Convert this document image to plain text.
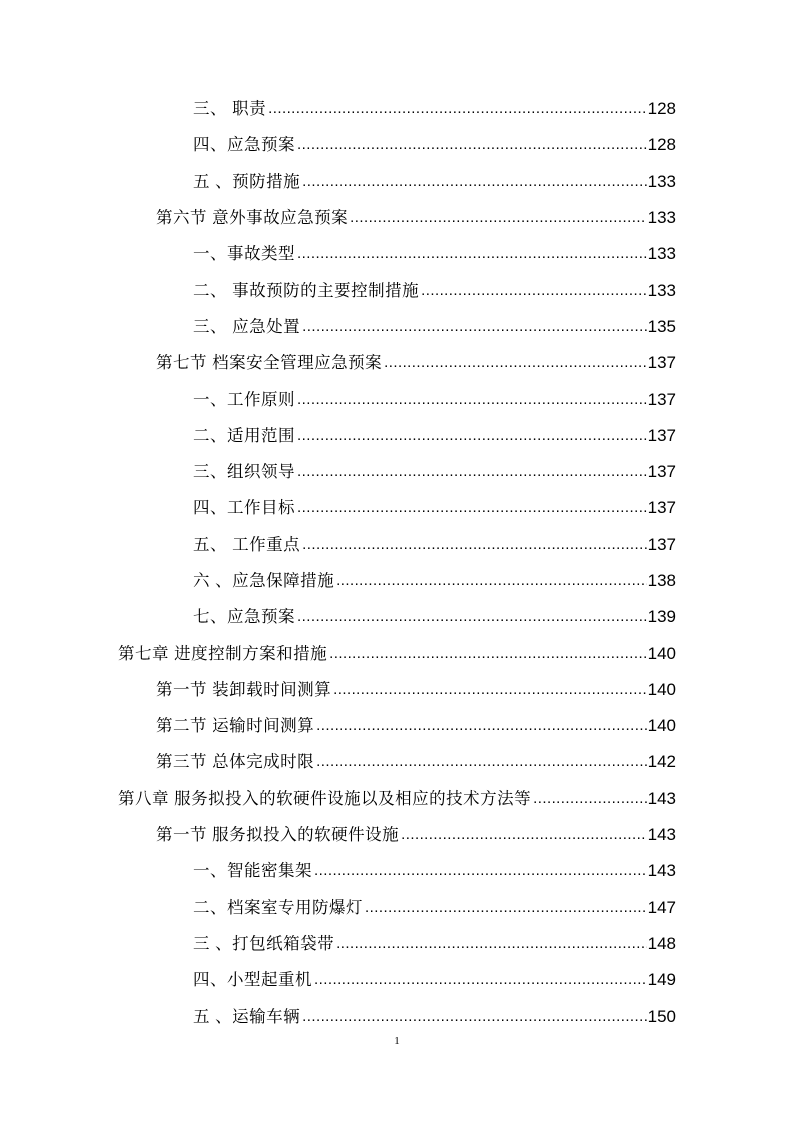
三、 职责 .....	128
四、应急预案 .....	128
五 、预防措施 .....	133
第六节 意外事故应急预案 .....	133
一、事故类型 .....	133
二、 事故预防的主要控制措施 .....	133
三、 应急处置 .....	135
第七节 档案安全管理应急预案 .....	137
一、工作原则 .....	137
二、适用范围 .....	137
三、组织领导 .....	137
四、工作目标 .....	137
五、 工作重点 .....	137
六 、应急保障措施 .....	138
七、应急预案 .....	139
第七章 进度控制方案和措施 .....	140
第一节 装卸载时间测算 .....	140
第二节 运输时间测算 .....	140
第三节 总体完成时限 .....	142
第八章 服务拟投入的软硬件设施以及相应的技术方法等 .....	143
第一节 服务拟投入的软硬件设施 .....	143
一、智能密集架 .....	143
二、档案室专用防爆灯 .....	147
三 、打包纸箱袋带 .....	148
四、小型起重机 .....	149
五 、运输车辆 .....	150
1
